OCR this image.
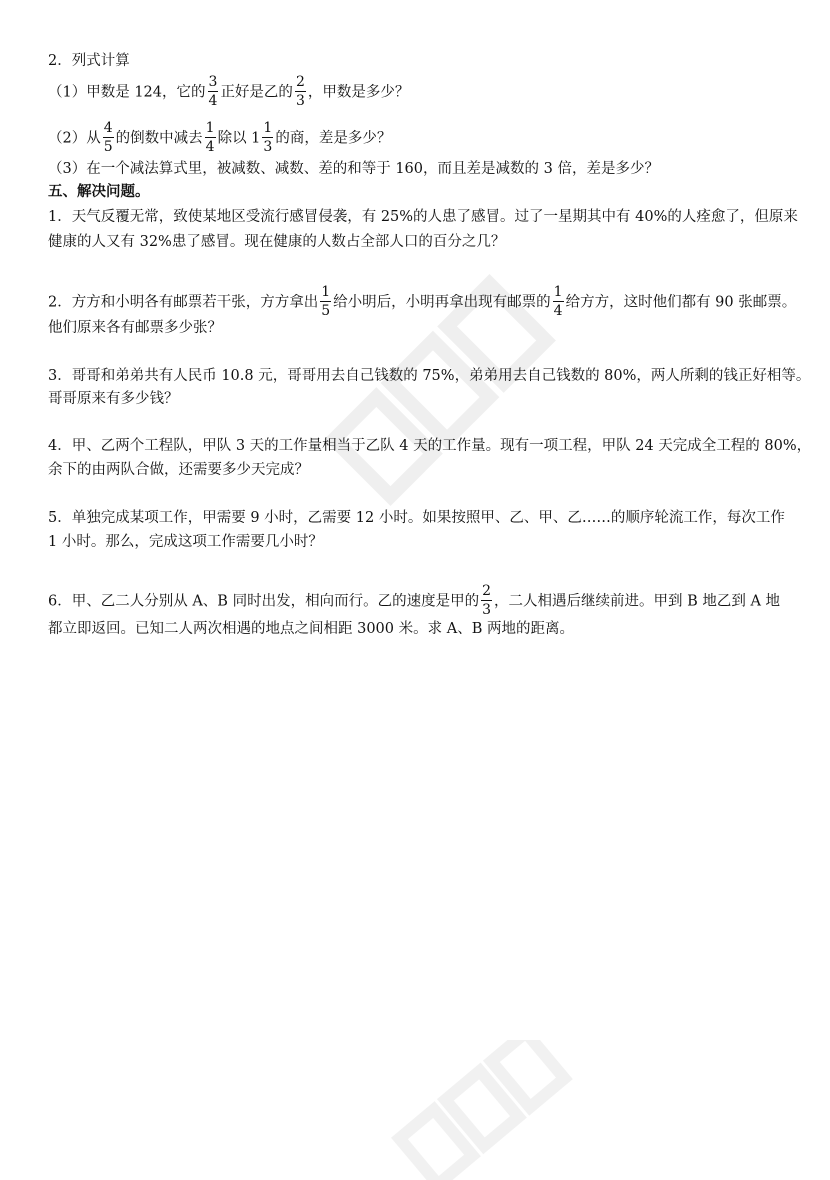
2．列式计算
（1）甲数是 124，它的 $\frac{3}{4}$ 正好是乙的 $\frac{2}{3}$ ，甲数是多少？
（2）从 $\frac{4}{5}$ 的倒数中减去 $\frac{1}{4}$ 除以 $1 \frac{1}{3}$ 的商，差是多少？
（3）在一个减法算式里，被减数、减数、差的和等于 160，而且差是减数的 3 倍，差是多少？
五、解决问题。
1．天气反覆无常，致使某地区受流行感冒侵袭，有 25%的人患了感冒。过了一星期其中有 40%的人痊愈了，但原来
健康的人又有 32%患了感冒。现在健康的人数占全部人口的百分之几？
2．方方和小明各有邮票若干张，方方拿出 $\frac{1}{5}$ 给小明后，小明再拿出现有邮票的 $\frac{1}{4}$ 给方方，这时他们都有 90 张邮票。
他们原来各有邮票多少张？
3．哥哥和弟弟共有人民币 10.8 元，哥哥用去自己钱数的 75%，弟弟用去自己钱数的 80%，两人所剩的钱正好相等。
哥哥原来有多少钱？
4．甲、乙两个工程队，甲队 3 天的工作量相当于乙队 4 天的工作量。现有一项工程，甲队 24 天完成全工程的 80%，
余下的由两队合做，还需要多少天完成？
5．单独完成某项工作，甲需要 9 小时，乙需要 12 小时。如果按照甲、乙、甲、乙……的顺序轮流工作，每次工作
1 小时。那么，完成这项工作需要几小时？
6．甲、乙二人分别从 A、B 同时出发，相向而行。乙的速度是甲的 $\frac{2}{3}$ ，二人相遇后继续前进。甲到 B 地乙到 A 地
都立即返回。已知二人两次相遇的地点之间相距 3000 米。求 A、B 两地的距离。
